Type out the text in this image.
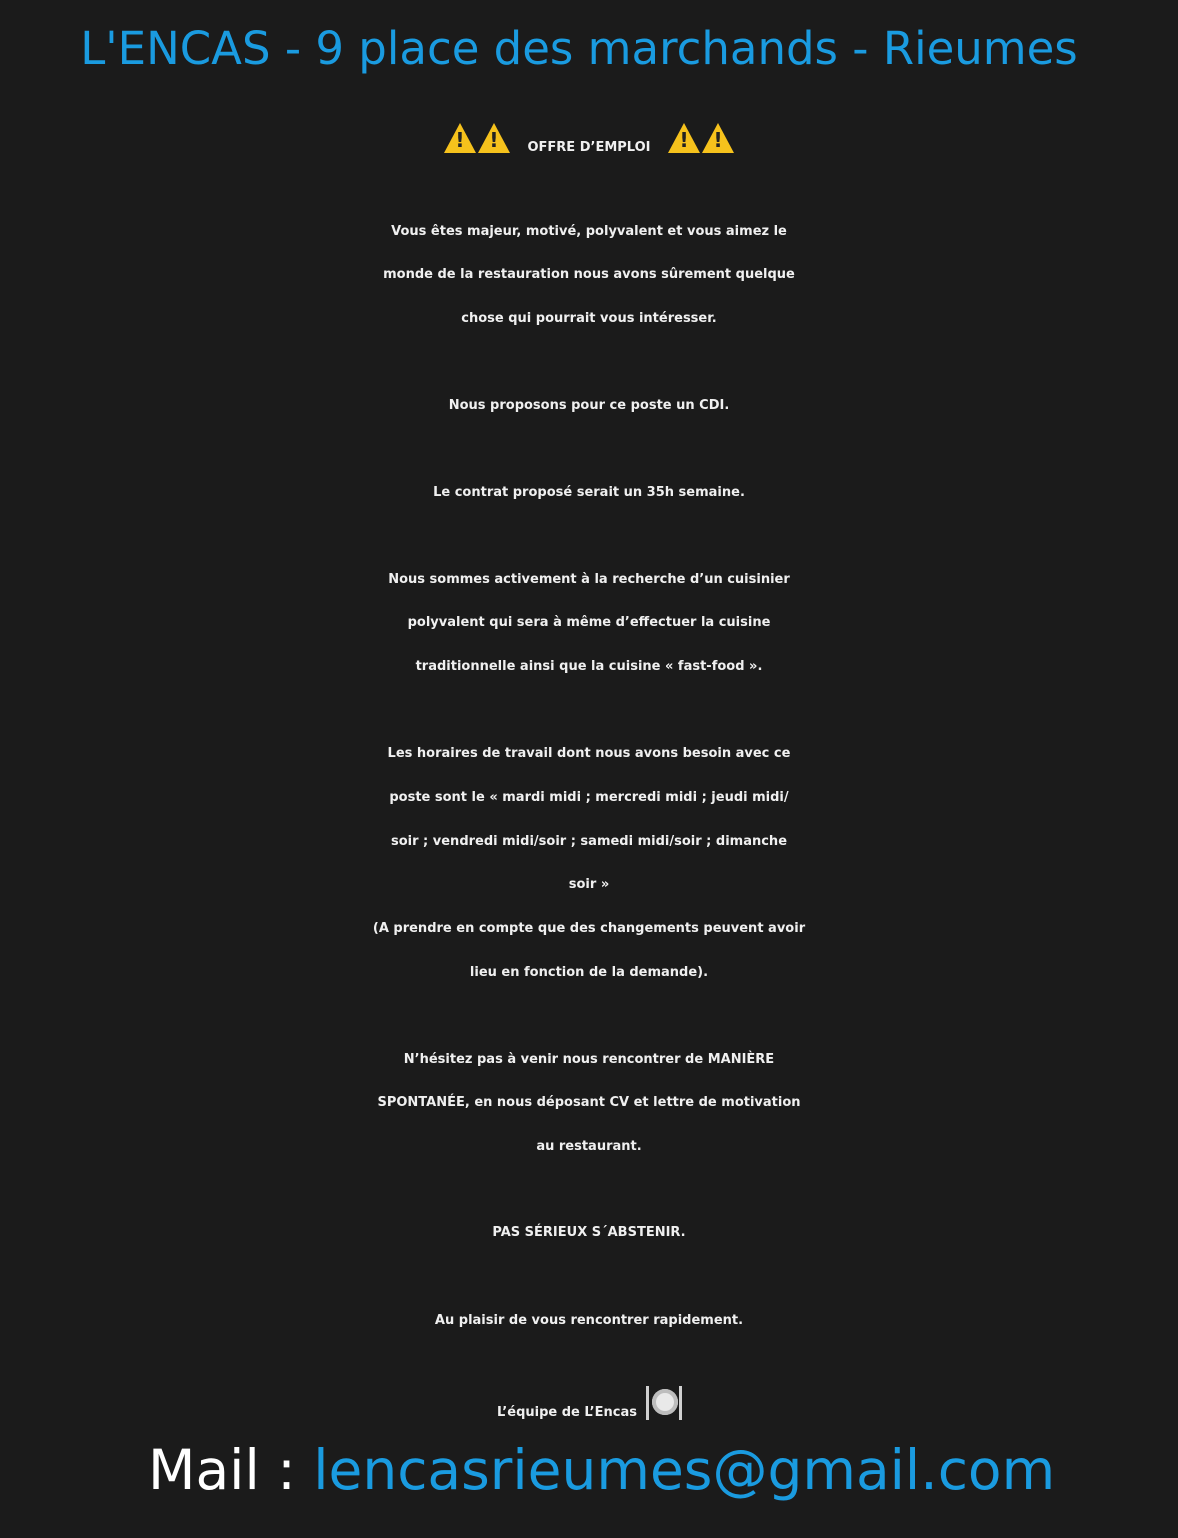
L'ENCAS - 9 place des marchands - Rieumes
!! OFFRE D’EMPLOI !!
Vous êtes majeur, motivé, polyvalent et vous aimez le
monde de la restauration nous avons sûrement quelque
chose qui pourrait vous intéresser.
Nous proposons pour ce poste un CDI.
Le contrat proposé serait un 35h semaine.
Nous sommes activement à la recherche d’un cuisinier
polyvalent qui sera à même d’effectuer la cuisine
traditionnelle ainsi que la cuisine « fast-food ».
Les horaires de travail dont nous avons besoin avec ce
poste sont le « mardi midi ; mercredi midi ; jeudi midi/
soir ; vendredi midi/soir ; samedi midi/soir ; dimanche
soir »
(A prendre en compte que des changements peuvent avoir
lieu en fonction de la demande).
N’hésitez pas à venir nous rencontrer de MANIÈRE
SPONTANÉE, en nous déposant CV et lettre de motivation
au restaurant.
PAS SÉRIEUX S´ABSTENIR.
Au plaisir de vous rencontrer rapidement.
L’équipe de L’Encas
Mail : lencasrieumes@gmail.com
